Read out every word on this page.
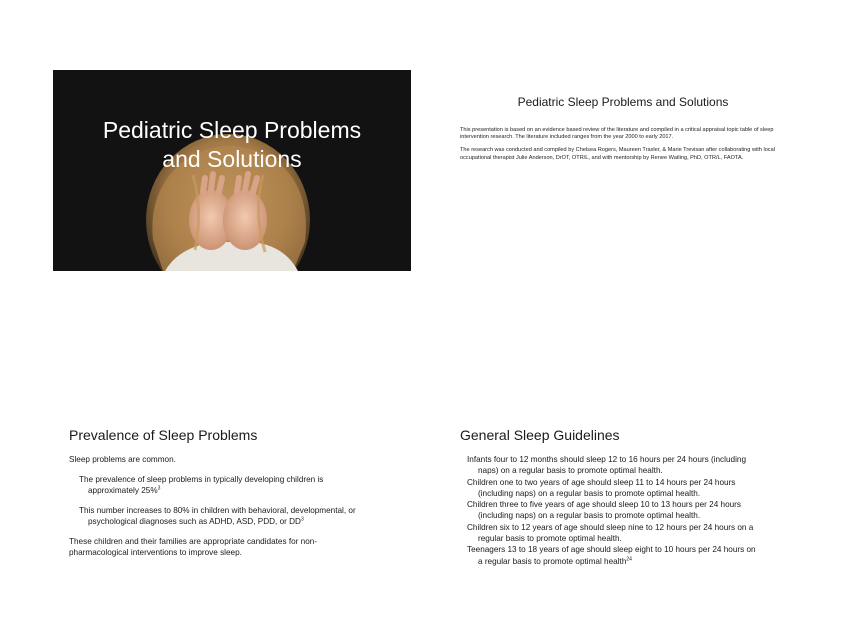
Pediatric Sleep Problems
and Solutions
Pediatric Sleep Problems and Solutions

This presentation is based on an evidence based review of the literature and compiled in a critical appraisal topic table of sleep intervention research. The literature included ranges from the year 2000 to early 2017.

The research was conducted and compiled by Chelsea Rogers, Maureen Traxler, & Marie Trevisan after collaborating with local occupational therapist Julie Anderson, DrOT, OTR/L, and with mentorship by Renee Watling, PhD, OTR/L, FAOTA.

Prevalence of Sleep Problems

Sleep problems are common.

The prevalence of sleep problems in typically developing children is
approximately 25%$^3$

This number increases to 80% in children with behavioral, developmental, or
psychological diagnoses such as ADHD, ASD, PDD, or $DD^3$

These children and their families are appropriate candidates for non-
pharmacological interventions to improve sleep.

General Sleep Guidelines

Infants four to 12 months should sleep 12 to 16 hours per 24 hours (including
naps) on a regular basis to promote optimal health.

Children one to two years of age should sleep 11 to 14 hours per 24 hours
(including naps) on a regular basis to promote optimal health.

Children three to five years of age should sleep 10 to 13 hours per 24 hours
(including naps) on a regular basis to promote optimal health.

Children six to 12 years of age should sleep nine to 12 hours per 24 hours on a
regular basis to promote optimal health.

Teenagers 13 to 18 years of age should sleep eight to 10 hours per 24 hours on
a regular basis to promote optimal health$^{24}$
